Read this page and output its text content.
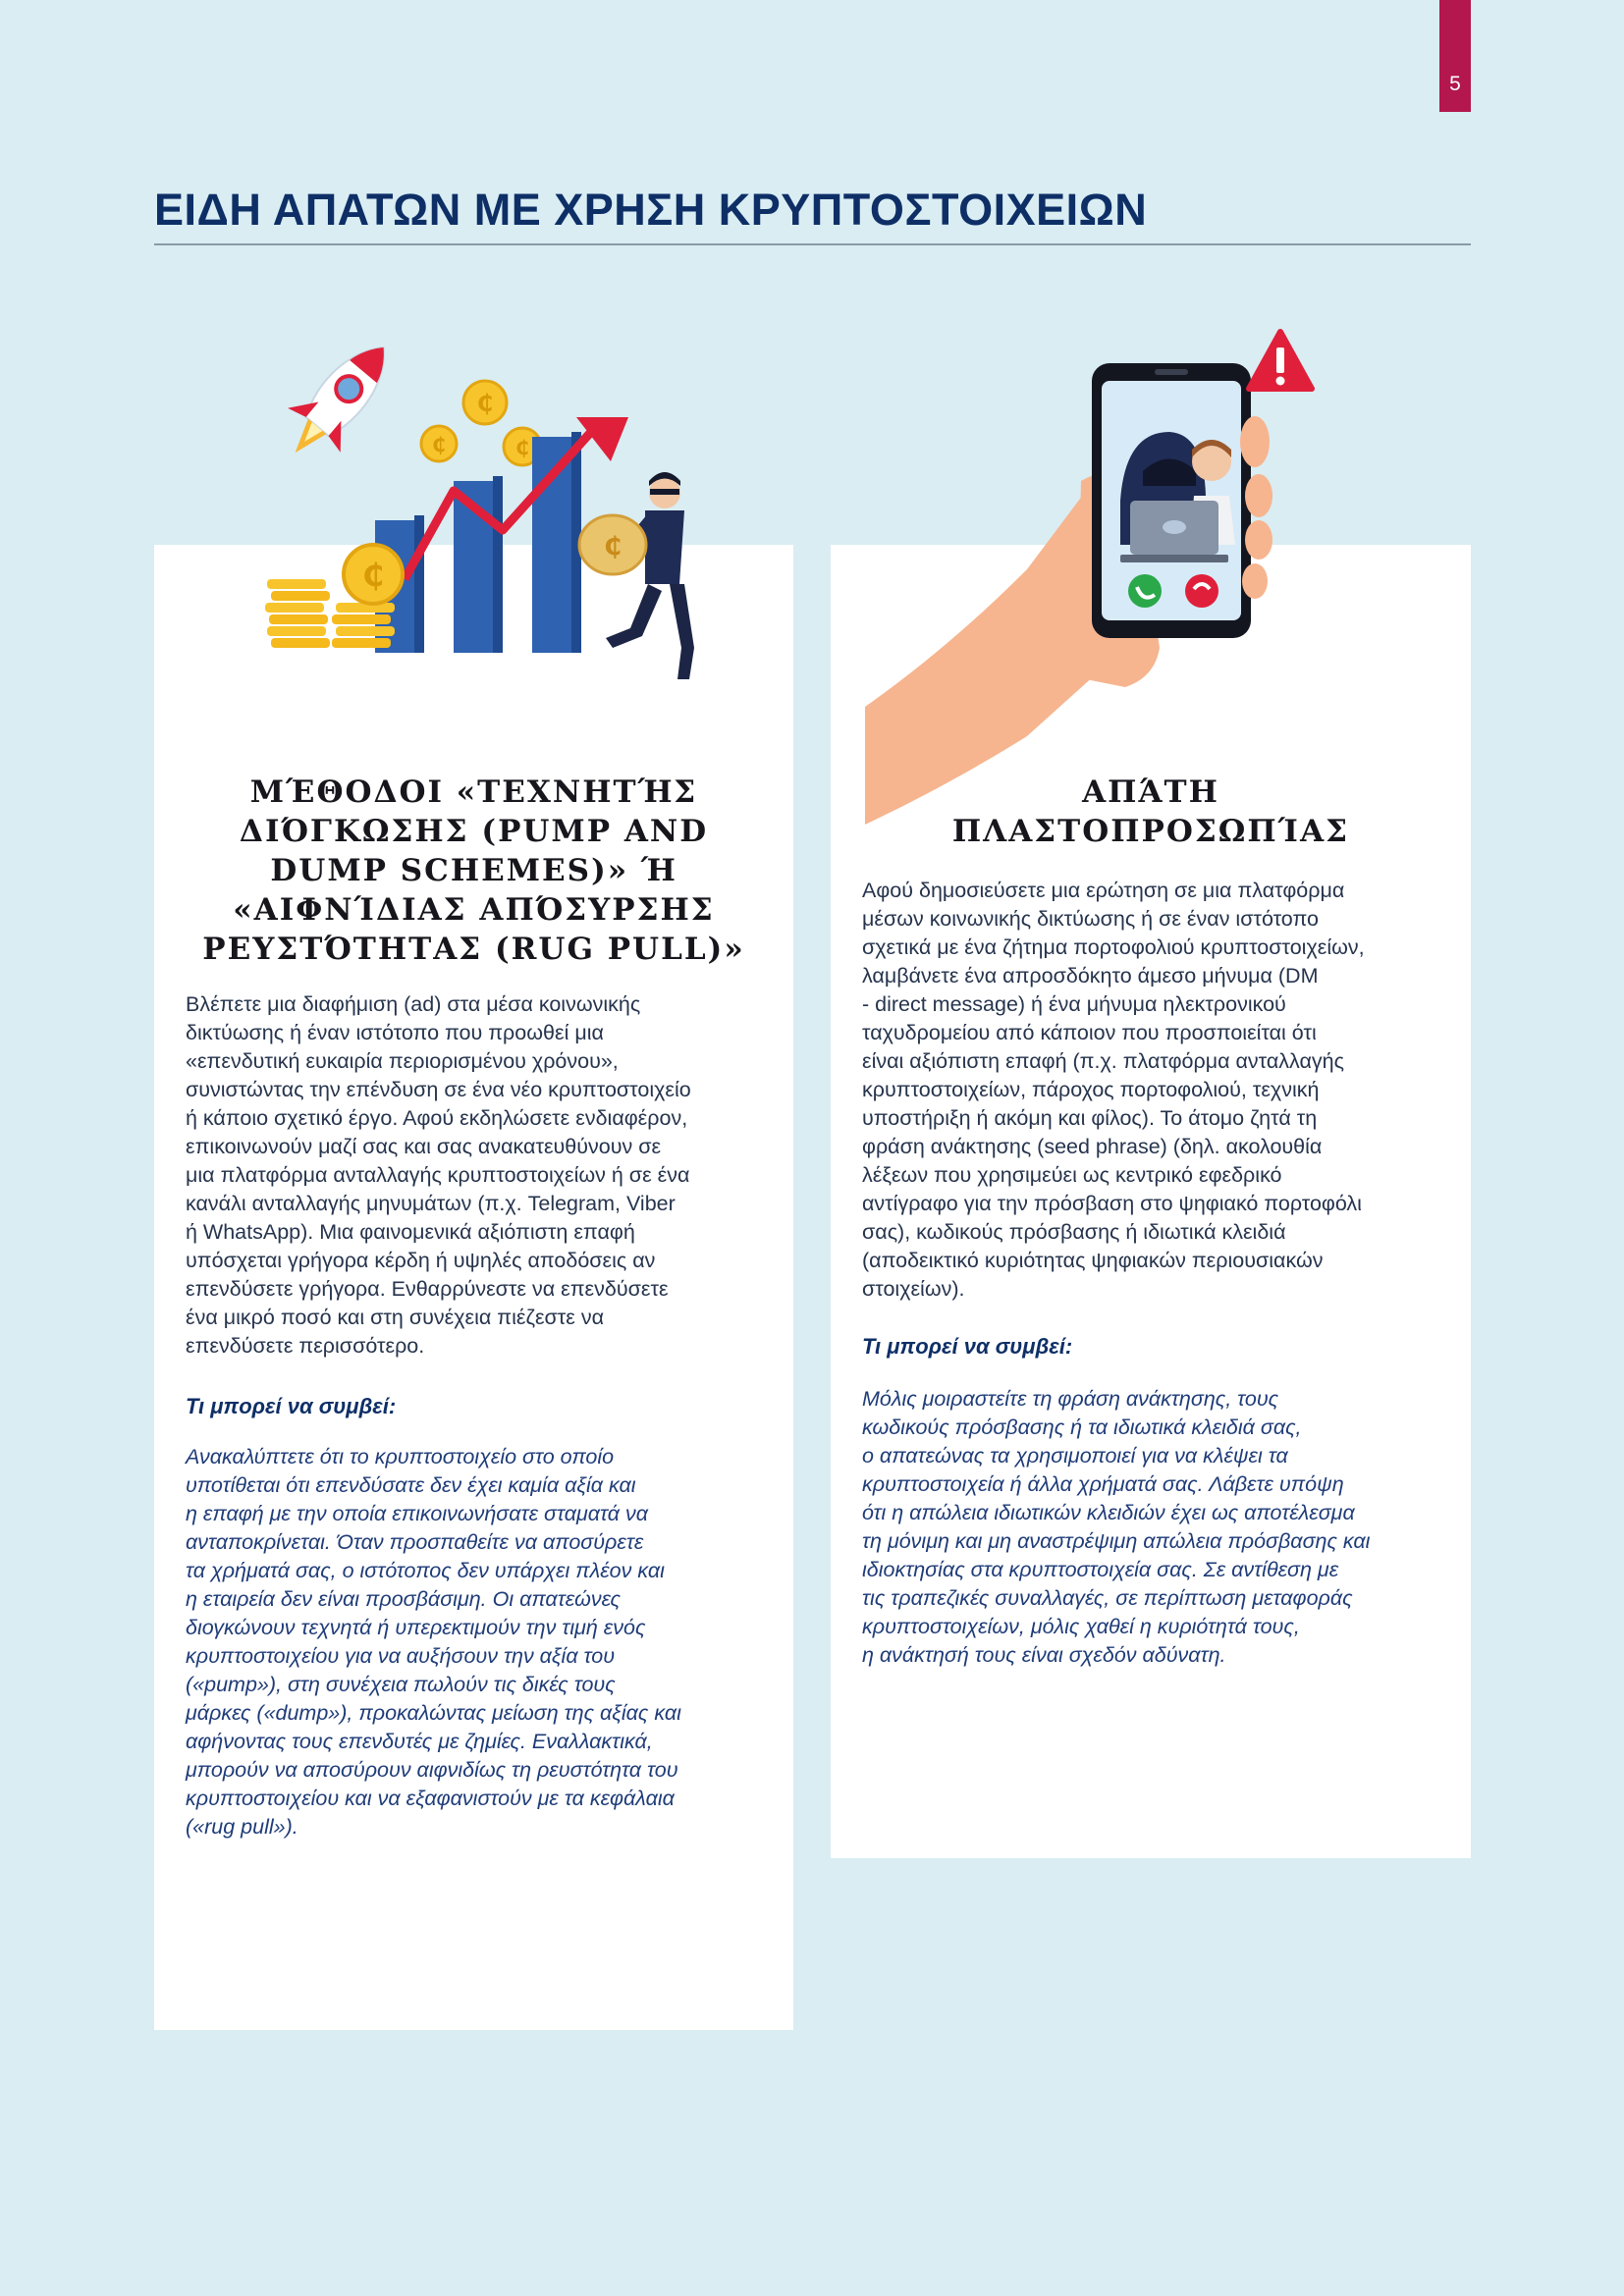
5
ΕΙΔΗ ΑΠΑΤΩΝ ΜΕ ΧΡΗΣΗ ΚΡΥΠΤΟΣΤΟΙΧΕΙΩΝ
ΜΈΘΟΔΟΙ «ΤΕΧΝΗΤΉΣ ΔΙΌΓΚΩΣΗΣ (PUMP AND DUMP SCHEMES)» Ή «ΑΙΦΝΊΔΙΑΣ ΑΠΌΣΥΡΣΗΣ ΡΕΥΣΤΌΤΗΤΑΣ (RUG PULL)»

Βλέπετε μια διαφήμιση (ad) στα μέσα κοινωνικής
δικτύωσης ή έναν ιστότοπο που προωθεί μια
«επενδυτική ευκαιρία περιορισμένου χρόνου»,
συνιστώντας την επένδυση σε ένα νέο κρυπτοστοιχείο
ή κάποιο σχετικό έργο. Αφού εκδηλώσετε ενδιαφέρον,
επικοινωνούν μαζί σας και σας ανακατευθύνουν σε
μια πλατφόρμα ανταλλαγής κρυπτοστοιχείων ή σε ένα
κανάλι ανταλλαγής μηνυμάτων (π.χ. Telegram, Viber
ή WhatsApp). Μια φαινομενικά αξιόπιστη επαφή
υπόσχεται γρήγορα κέρδη ή υψηλές αποδόσεις αν
επενδύσετε γρήγορα. Ενθαρρύνεστε να επενδύσετε
ένα μικρό ποσό και στη συνέχεια πιέζεστε να
επενδύσετε περισσότερο.

Τι μπορεί να συμβεί:

Ανακαλύπτετε ότι το κρυπτοστοιχείο στο οποίο
υποτίθεται ότι επενδύσατε δεν έχει καμία αξία και
η επαφή με την οποία επικοινωνήσατε σταματά να
ανταποκρίνεται. Όταν προσπαθείτε να αποσύρετε
τα χρήματά σας, ο ιστότοπος δεν υπάρχει πλέον και
η εταιρεία δεν είναι προσβάσιμη. Οι απατεώνες
διογκώνουν τεχνητά ή υπερεκτιμούν την τιμή ενός
κρυπτοστοιχείου για να αυξήσουν την αξία του
(«pump»), στη συνέχεια πωλούν τις δικές τους
μάρκες («dump»), προκαλώντας μείωση της αξίας και
αφήνοντας τους επενδυτές με ζημίες. Εναλλακτικά,
μπορούν να αποσύρουν αιφνιδίως τη ρευστότητα του
κρυπτοστοιχείου και να εξαφανιστούν με τα κεφάλαια
(«rug pull»).

ΑΠΆΤΗ ΠΛΑΣΤΟΠΡΟΣΩΠΊΑΣ

Αφού δημοσιεύσετε μια ερώτηση σε μια πλατφόρμα
μέσων κοινωνικής δικτύωσης ή σε έναν ιστότοπο
σχετικά με ένα ζήτημα πορτοφολιού κρυπτοστοιχείων,
λαμβάνετε ένα απροσδόκητο άμεσο μήνυμα (DM
- direct message) ή ένα μήνυμα ηλεκτρονικού
ταχυδρομείου από κάποιον που προσποιείται ότι
είναι αξιόπιστη επαφή (π.χ. πλατφόρμα ανταλλαγής
κρυπτοστοιχείων, πάροχος πορτοφολιού, τεχνική
υποστήριξη ή ακόμη και φίλος). Το άτομο ζητά τη
φράση ανάκτησης (seed phrase) (δηλ. ακολουθία
λέξεων που χρησιμεύει ως κεντρικό εφεδρικό
αντίγραφο για την πρόσβαση στο ψηφιακό πορτοφόλι
σας), κωδικούς πρόσβασης ή ιδιωτικά κλειδιά
(αποδεικτικό κυριότητας ψηφιακών περιουσιακών
στοιχείων).

Τι μπορεί να συμβεί:

Μόλις μοιραστείτε τη φράση ανάκτησης, τους
κωδικούς πρόσβασης ή τα ιδιωτικά κλειδιά σας,
ο απατεώνας τα χρησιμοποιεί για να κλέψει τα
κρυπτοστοιχεία ή άλλα χρήματά σας. Λάβετε υπόψη
ότι η απώλεια ιδιωτικών κλειδιών έχει ως αποτέλεσμα
τη μόνιμη και μη αναστρέψιμη απώλεια πρόσβασης και
ιδιοκτησίας στα κρυπτοστοιχεία σας. Σε αντίθεση με
τις τραπεζικές συναλλαγές, σε περίπτωση μεταφοράς
κρυπτοστοιχείων, μόλις χαθεί η κυριότητά τους,
η ανάκτησή τους είναι σχεδόν αδύνατη.

₵
₵	₵
₵
₵
